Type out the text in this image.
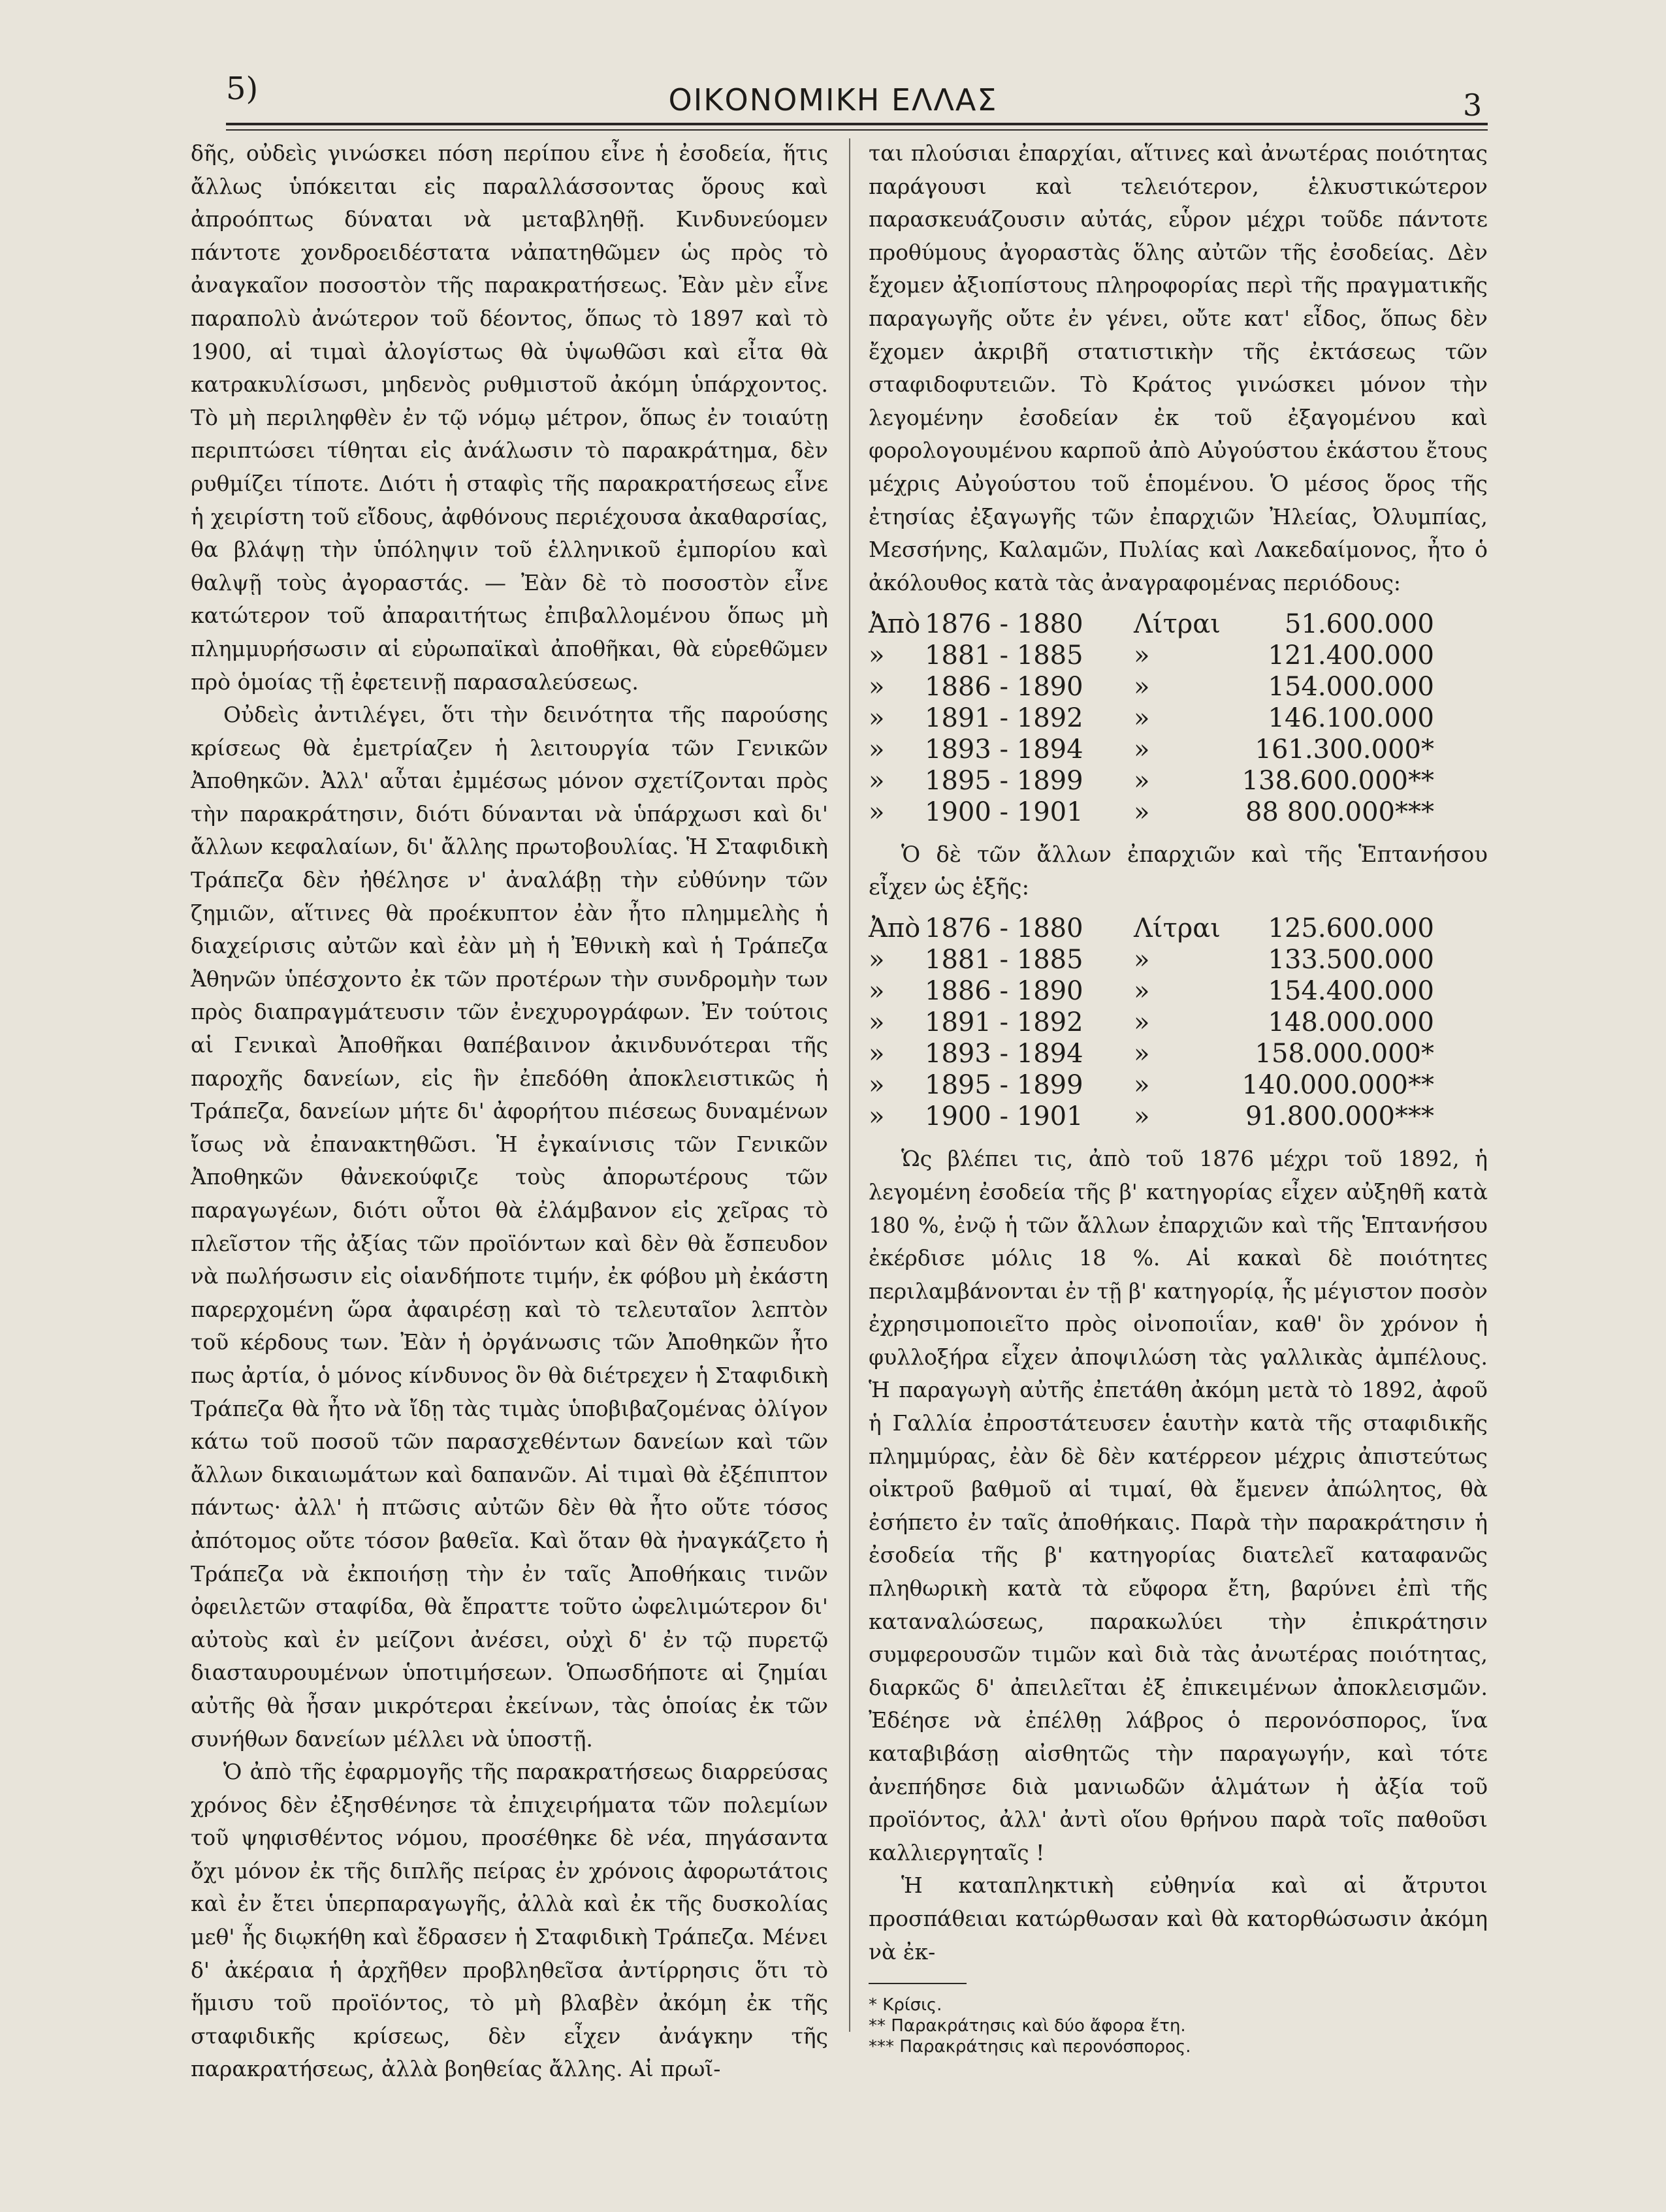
5)	ΟΙΚΟΝΟΜΙΚΗ ΕΛΛΑΣ	3

δῆς, οὐδεὶς γινώσκει πόση περίπου εἶνε ἡ ἐσοδεία, ἥτις ἄλλως ὑπόκειται εἰς παραλλάσσοντας ὅρους καὶ ἀπροόπτως δύναται νὰ μεταβληθῇ. Κινδυνεύομεν πάντοτε χονδροειδέστατα νἀπατηθῶμεν ὡς πρὸς τὸ ἀναγκαῖον ποσοστὸν τῆς παρακρατήσεως. Ἐὰν μὲν εἶνε παραπολὺ ἀνώτερον τοῦ δέοντος, ὅπως τὸ 1897 καὶ τὸ 1900, αἱ τιμαὶ ἀλογίστως θὰ ὑψωθῶσι καὶ εἶτα θὰ κατρακυλίσωσι, μηδενὸς ρυθμιστοῦ ἀκόμη ὑπάρχοντος. Τὸ μὴ περιληφθὲν ἐν τῷ νόμῳ μέτρον, ὅπως ἐν τοιαύτῃ περιπτώσει τίθηται εἰς ἀνάλωσιν τὸ παρακράτημα, δὲν ρυθμίζει τίποτε. Διότι ἡ σταφὶς τῆς παρακρατήσεως εἶνε ἡ χειρίστη τοῦ εἴδους, ἀφθόνους περιέχουσα ἀκαθαρσίας, θα βλάψῃ τὴν ὑπόληψιν τοῦ ἑλληνικοῦ ἐμπορίου καὶ θαλψῇ τοὺς ἀγοραστάς. — Ἐὰν δὲ τὸ ποσοστὸν εἶνε κατώτερον τοῦ ἀπαραιτήτως ἐπιβαλλομένου ὅπως μὴ πλημμυρήσωσιν αἱ εὐρωπαϊκαὶ ἀποθῆκαι, θὰ εὑρεθῶμεν πρὸ ὁμοίας τῇ ἐφετεινῇ παρασαλεύσεως.

Οὐδεὶς ἀντιλέγει, ὅτι τὴν δεινότητα τῆς παρούσης κρίσεως θὰ ἐμετρίαζεν ἡ λειτουργία τῶν Γενικῶν Ἀποθηκῶν. Ἀλλ' αὗται ἐμμέσως μόνον σχετίζονται πρὸς τὴν παρακράτησιν, διότι δύνανται νὰ ὑπάρχωσι καὶ δι' ἄλλων κεφαλαίων, δι' ἄλλης πρωτοβουλίας. Ἡ Σταφιδικὴ Τράπεζα δὲν ἠθέλησε ν' ἀναλάβῃ τὴν εὐθύνην τῶν ζημιῶν, αἵτινες θὰ προέκυπτον ἐὰν ἦτο πλημμελὴς ἡ διαχείρισις αὐτῶν καὶ ἐὰν μὴ ἡ Ἐθνικὴ καὶ ἡ Τράπεζα Ἀθηνῶν ὑπέσχοντο ἐκ τῶν προτέρων τὴν συνδρομὴν των πρὸς διαπραγμάτευσιν τῶν ἐνεχυρογράφων. Ἐν τούτοις αἱ Γενικαὶ Ἀποθῆκαι θαπέβαινον ἀκινδυνότεραι τῆς παροχῆς δανείων, εἰς ἣν ἐπεδόθη ἀποκλειστικῶς ἡ Τράπεζα, δανείων μήτε δι' ἀφορήτου πιέσεως δυναμένων ἴσως νὰ ἐπανακτηθῶσι. Ἡ ἐγκαίνισις τῶν Γενικῶν Ἀποθηκῶν θἀνεκούφιζε τοὺς ἀπορωτέρους τῶν παραγωγέων, διότι οὗτοι θὰ ἐλάμβανον εἰς χεῖρας τὸ πλεῖστον τῆς ἀξίας τῶν προϊόντων καὶ δὲν θὰ ἔσπευδον νὰ πωλήσωσιν εἰς οἱανδήποτε τιμήν, ἐκ φόβου μὴ ἐκάστη παρερχομένη ὥρα ἀφαιρέσῃ καὶ τὸ τελευταῖον λεπτὸν τοῦ κέρδους των. Ἐὰν ἡ ὀργάνωσις τῶν Ἀποθηκῶν ἦτο πως ἀρτία, ὁ μόνος κίνδυνος ὃν θὰ διέτρεχεν ἡ Σταφιδικὴ Τράπεζα θὰ ἦτο νὰ ἴδῃ τὰς τιμὰς ὑποβιβαζομένας ὀλίγον κάτω τοῦ ποσοῦ τῶν παρασχεθέντων δανείων καὶ τῶν ἄλλων δικαιωμάτων καὶ δαπανῶν. Αἱ τιμαὶ θὰ ἐξέπιπτον πάντως· ἀλλ' ἡ πτῶσις αὐτῶν δὲν θὰ ἦτο οὔτε τόσος ἀπότομος οὔτε τόσον βαθεῖα. Καὶ ὅταν θὰ ἠναγκάζετο ἡ Τράπεζα νὰ ἐκποιήσῃ τὴν ἐν ταῖς Ἀποθήκαις τινῶν ὀφειλετῶν σταφίδα, θὰ ἔπραττε τοῦτο ὠφελιμώτερον δι' αὐτοὺς καὶ ἐν μείζονι ἀνέσει, οὐχὶ δ' ἐν τῷ πυρετῷ διασταυρουμένων ὑποτιμήσεων. Ὁπωσδήποτε αἱ ζημίαι αὐτῆς θὰ ἦσαν μικρότεραι ἐκείνων, τὰς ὁποίας ἐκ τῶν συνήθων δανείων μέλλει νὰ ὑποστῇ.

Ὁ ἀπὸ τῆς ἐφαρμογῆς τῆς παρακρατήσεως διαρρεύσας χρόνος δὲν ἐξησθένησε τὰ ἐπιχειρήματα τῶν πολεμίων τοῦ ψηφισθέντος νόμου, προσέθηκε δὲ νέα, πηγάσαντα ὄχι μόνον ἐκ τῆς διπλῆς πείρας ἐν χρόνοις ἀφορωτάτοις καὶ ἐν ἔτει ὑπερπαραγωγῆς, ἀλλὰ καὶ ἐκ τῆς δυσκολίας μεθ' ἧς διῳκήθη καὶ ἔδρασεν ἡ Σταφιδικὴ Τράπεζα. Μένει δ' ἀκέραια ἡ ἀρχῆθεν προβληθεῖσα ἀντίρρησις ὅτι τὸ ἥμισυ τοῦ προϊόντος, τὸ μὴ βλαβὲν ἀκόμη ἐκ τῆς σταφιδικῆς κρίσεως, δὲν εἶχεν ἀνάγκην τῆς παρακρατήσεως, ἀλλὰ βοηθείας ἄλλης. Αἱ πρωῖ-

ται πλούσιαι ἐπαρχίαι, αἵτινες καὶ ἀνωτέρας ποιότητας παράγουσι καὶ τελειότερον, ἑλκυστικώτερον παρασκευάζουσιν αὐτάς, εὗρον μέχρι τοῦδε πάντοτε προθύμους ἀγοραστὰς ὅλης αὐτῶν τῆς ἐσοδείας. Δὲν ἔχομεν ἀξιοπίστους πληροφορίας περὶ τῆς πραγματικῆς παραγωγῆς οὔτε ἐν γένει, οὔτε κατ' εἶδος, ὅπως δὲν ἔχομεν ἀκριβῆ στατιστικὴν τῆς ἐκτάσεως τῶν σταφιδοφυτειῶν. Τὸ Κράτος γινώσκει μόνον τὴν λεγομένην ἐσοδείαν ἐκ τοῦ ἐξαγομένου καὶ φορολογουμένου καρποῦ ἀπὸ Αὐγούστου ἑκάστου ἔτους μέχρις Αὐγούστου τοῦ ἑπομένου. Ὁ μέσος ὅρος τῆς ἐτησίας ἐξαγωγῆς τῶν ἐπαρχιῶν Ἠλείας, Ὀλυμπίας, Μεσσήνης, Καλαμῶν, Πυλίας καὶ Λακεδαίμονος, ἦτο ὁ ἀκόλουθος κατὰ τὰς ἀναγραφομένας περιόδους:

Ἀπὸ 1876 - 1880	Λίτραι	51.600.000
»	1881 - 1885	»	121.400.000
»	1886 - 1890	»	154.000.000
»	1891 - 1892	»	146.100.000
»	1893 - 1894	»	161.300.000*
»	1895 - 1899	»	138.600.000**
»	1900 - 1901	»	88 800.000***

Ὁ δὲ τῶν ἄλλων ἐπαρχιῶν καὶ τῆς Ἑπτανήσου εἶχεν ὡς ἑξῆς:

Ἀπὸ 1876 - 1880	Λίτραι	125.600.000
»	1881 - 1885	»	133.500.000
»	1886 - 1890	»	154.400.000
»	1891 - 1892	»	148.000.000
»	1893 - 1894	»	158.000.000*
»	1895 - 1899	»	140.000.000**
»	1900 - 1901	»	91.800.000***

Ὡς βλέπει τις, ἀπὸ τοῦ 1876 μέχρι τοῦ 1892, ἡ λεγομένη ἐσοδεία τῆς β' κατηγορίας εἶχεν αὐξηθῆ κατὰ 180 %, ἐνῷ ἡ τῶν ἄλλων ἐπαρχιῶν καὶ τῆς Ἑπτανήσου ἐκέρδισε μόλις 18 %. Αἱ κακαὶ δὲ ποιότητες περιλαμβάνονται ἐν τῇ β' κατηγορίᾳ, ἧς μέγιστον ποσὸν ἐχρησιμοποιεῖτο πρὸς οἰνοποιΐαν, καθ' ὃν χρόνον ἡ φυλλοξήρα εἶχεν ἀποψιλώση τὰς γαλλικὰς ἀμπέλους. Ἡ παραγωγὴ αὐτῆς ἐπετάθη ἀκόμη μετὰ τὸ 1892, ἀφοῦ ἡ Γαλλία ἐπροστάτευσεν ἑαυτὴν κατὰ τῆς σταφιδικῆς πλημμύρας, ἐὰν δὲ δὲν κατέρρεον μέχρις ἀπιστεύτως οἰκτροῦ βαθμοῦ αἱ τιμαί, θὰ ἔμενεν ἀπώλητος, θὰ ἐσήπετο ἐν ταῖς ἀποθήκαις. Παρὰ τὴν παρακράτησιν ἡ ἐσοδεία τῆς β' κατηγορίας διατελεῖ καταφανῶς πληθωρικὴ κατὰ τὰ εὔφορα ἔτη, βαρύνει ἐπὶ τῆς καταναλώσεως, παρακωλύει τὴν ἐπικράτησιν συμφερουσῶν τιμῶν καὶ διὰ τὰς ἀνωτέρας ποιότητας, διαρκῶς δ' ἀπειλεῖται ἐξ ἐπικειμένων ἀποκλεισμῶν. Ἐδέησε νὰ ἐπέλθῃ λάβρος ὁ περονόσπορος, ἵνα καταβιβάσῃ αἰσθητῶς τὴν παραγωγήν, καὶ τότε ἀνεπήδησε διὰ μανιωδῶν ἁλμάτων ἡ ἀξία τοῦ προϊόντος, ἀλλ' ἀντὶ οἵου θρήνου παρὰ τοῖς παθοῦσι καλλιεργηταῖς !

Ἡ καταπληκτικὴ εὐθηνία καὶ αἱ ἄτρυτοι προσπάθειαι κατώρθωσαν καὶ θὰ κατορθώσωσιν ἀκόμη νὰ ἐκ-

* Κρίσις.
** Παρακράτησις καὶ δύο ἄφορα ἔτη.
*** Παρακράτησις καὶ περονόσπορος.
